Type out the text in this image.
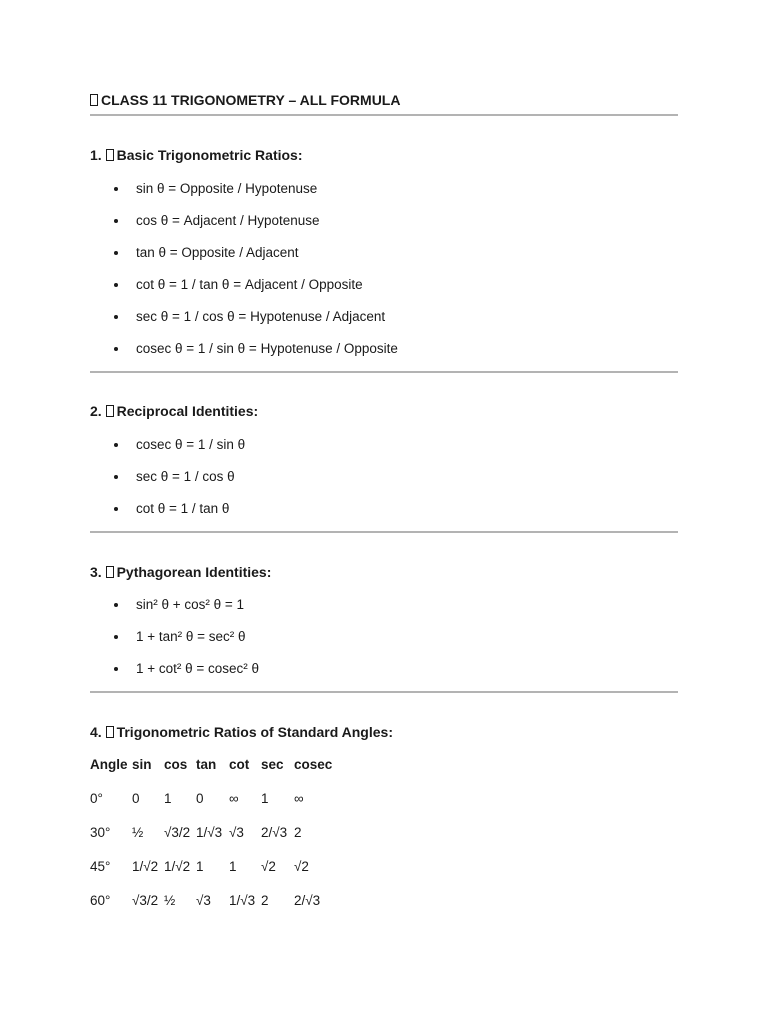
CLASS 11 TRIGONOMETRY – ALL FORMULA
1. Basic Trigonometric Ratios:
sin θ = Opposite / Hypotenuse
cos θ = Adjacent / Hypotenuse
tan θ = Opposite / Adjacent
cot θ = 1 / tan θ = Adjacent / Opposite
sec θ = 1 / cos θ = Hypotenuse / Adjacent
cosec θ = 1 / sin θ = Hypotenuse / Opposite
2. Reciprocal Identities:
cosec θ = 1 / sin θ
sec θ = 1 / cos θ
cot θ = 1 / tan θ
3. Pythagorean Identities:
sin² θ + cos² θ = 1
1 + tan² θ = sec² θ
1 + cot² θ = cosec² θ
4. Trigonometric Ratios of Standard Angles:
Angle sin cos tan cot sec cosec
0° 0 1 0 ∞ 1 ∞
30° ½ √3/2 1/√3 √3 2/√3 2
45° 1/√2 1/√2 1 1 √2 √2
60° √3/2 ½ √3 1/√3 2 2/√3
